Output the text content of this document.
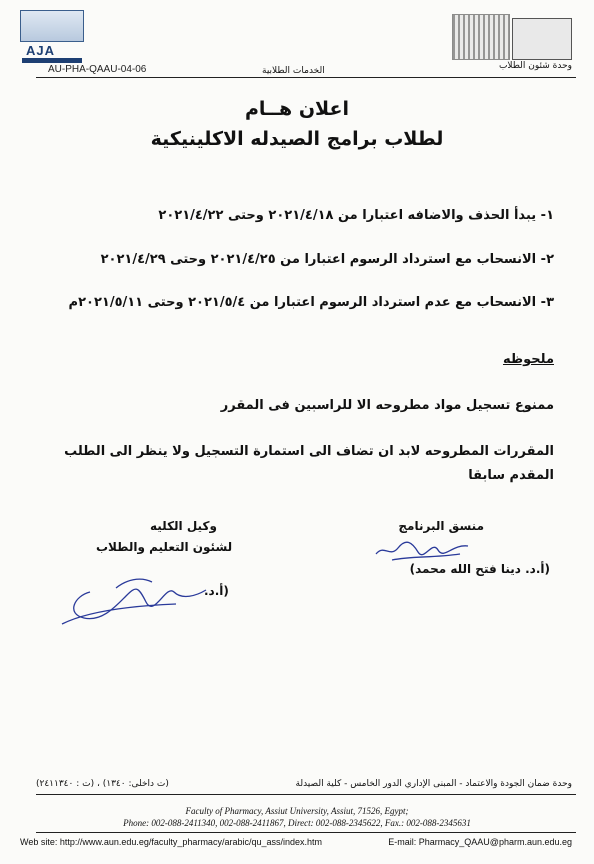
AJA
AU-PHA-QAAU-04-06	وحدة شئون الطلاب
الخدمات الطلابية
اعلان هــام
لطلاب برامج الصيدله الاكلينيكية
١- يبدأ الحذف والاضافه اعتبارا من ٢٠٢١/٤/١٨ وحتى ٢٠٢١/٤/٢٢
٢- الانسحاب مع استرداد الرسوم اعتبارا من ٢٠٢١/٤/٢٥ وحتى ٢٠٢١/٤/٢٩
٣- الانسحاب مع عدم استرداد الرسوم اعتبارا من ٢٠٢١/٥/٤ وحتى ٢٠٢١/٥/١١م
ملحوظه
ممنوع تسجيل مواد مطروحه الا للراسبين فى المقرر
المقررات المطروحه لابد ان تضاف الى استمارة التسجيل ولا ينظر الى الطلب المقدم سابقا
منسق البرنامج
(أ.د. دينا فتح الله محمد)
وكيل الكليه
لشئون التعليم والطلاب
(أ.د.
وحدة ضمان الجودة والاعتماد - المبنى الإداري الدور الخامس - كلية الصيدلة
(ت داخلى: ١٣٤٠) ، (ت : ٢٤١١٣٤٠)
Faculty of Pharmacy, Assiut University, Assiut, 71526, Egypt;
Phone: 002-088-2411340, 002-088-2411867, Direct: 002-088-2345622, Fax.: 002-088-2345631
Web site: http://www.aun.edu.eg/faculty_pharmacy/arabic/qu_ass/index.htm	E-mail: Pharmacy_QAAU@pharm.aun.edu.eg
